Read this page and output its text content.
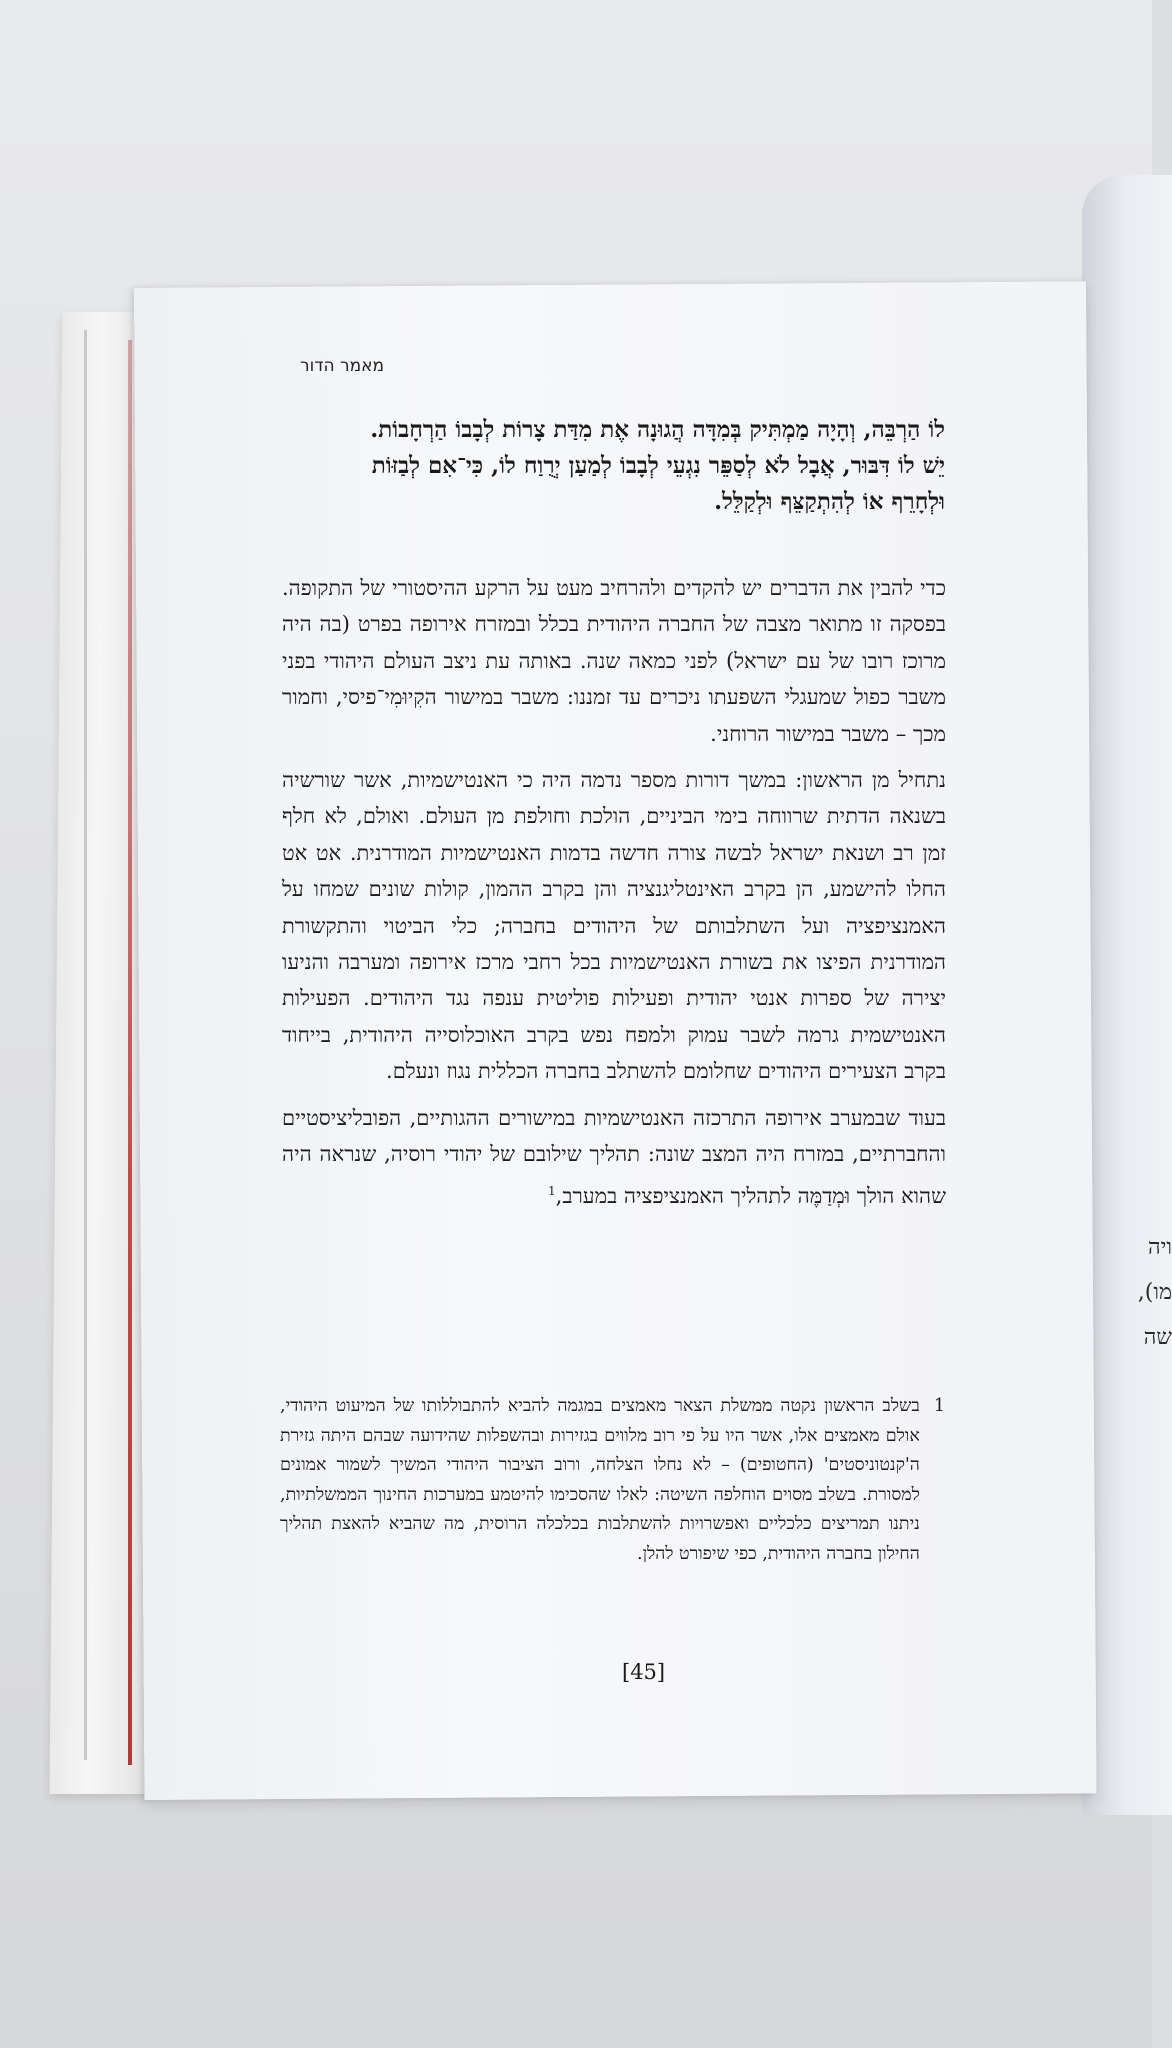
ויה
מו),
שה
מאמר הדור
לוֹ הַרְבֵּה, וְהָיָה מַמְתִּיק בְּמִדָּה הֲגוּנָה אֶת מִדַּת צָרוֹת לְבָבוֹ הַרְחָבוֹת. יֵשׁ לוֹ דִּבּוּר, אֲבָל לֹא לְסַפֵּר נִגְעֵי לְבָבוֹ לְמַעַן יְרֻוַח לוֹ, כִּי־אִם לְבַזּוֹת וּלְחָרֵף אוֹ לְהִתְקַצֵּף וּלְקַלֵּל.

כדי להבין את הדברים יש להקדים ולהרחיב מעט על הרקע ההיסטורי של התקופה. בפסקה זו מתואר מצבה של החברה היהודית בכלל ובמזרח אירופה בפרט (בה היה מרוכז רובו של עם ישראל) לפני כמאה שנה. באותה עת ניצב העולם היהודי בפני משבר כפול שמעגלי השפעתו ניכרים עד זמננו: משבר במישור הקִיוּמִי־פיסי, וחמור מכך – משבר במישור הרוחני.

נתחיל מן הראשון: במשך דורות מספר נדמה היה כי האנטישמיות, אשר שורשיה בשנאה הדתית שרווחה בימי הביניים, הולכת וחולפת מן העולם. ואולם, לא חלף זמן רב ושנאת ישראל לבשה צורה חדשה בדמות האנטישמיות המודרנית. אט אט החלו להישמע, הן בקרב האינטליגנציה והן בקרב ההמון, קולות שונים שמחו על האמנציפציה ועל השתלבותם של היהודים בחברה; כלי הביטוי והתקשורת המודרנית הפיצו את בשורת האנטישמיות בכל רחבי מרכז אירופה ומערבה והניעו יצירה של ספרות אנטי יהודית ופעילות פוליטית ענפה נגד היהודים. הפעילות האנטישמית גרמה לשבר עמוק ולמפח נפש בקרב האוכלוסייה היהודית, בייחוד בקרב הצעירים היהודים שחלומם להשתלב בחברה הכללית נגוז ונעלם.

בעוד שבמערב אירופה התרכזה האנטישמיות במישורים ההגותיים, הפובליציסטיים והחברתיים, במזרח היה המצב שונה: תהליך שילובם של יהודי רוסיה, שנראה היה שהוא הולך וּמְדַמֶּה לתהליך האמנציפציה במערב,$^1$

1
בשלב הראשון נקטה ממשלת הצאר מאמצים במגמה להביא להתבוללותו של המיעוט היהודי, אולם מאמצים אלו, אשר היו על פי רוב מלווים בגזירות ובהשפלות שהידועה שבהם היתה גזירת ה'קנטוניסטים' (החטופים) – לא נחלו הצלחה, ורוב הציבור היהודי המשיך לשמור אמונים למסורת. בשלב מסוים הוחלפה השיטה: לאלו שהסכימו להיטמע במערכות החינוך הממשלתיות, ניתנו תמריצים כלכליים ואפשרויות להשתלבות בכלכלה הרוסית, מה שהביא להאצת תהליך החילון בחברה היהודית, כפי שיפורט להלן.
[45]
